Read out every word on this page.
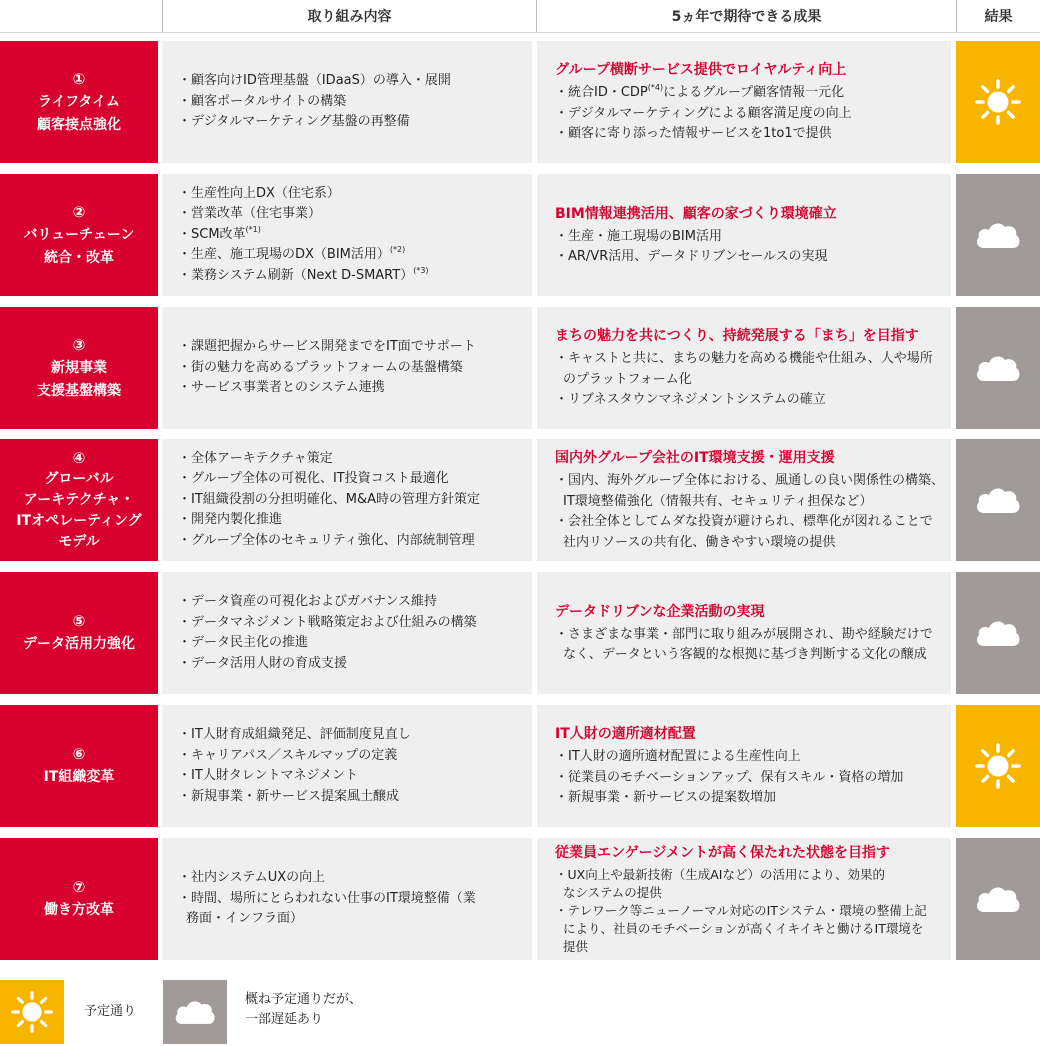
取り組み内容	5ヵ年で期待できる成果	結果
①
ライフタイム
顧客接点強化
・顧客向けID管理基盤（IDaaS）の導入・展開
・顧客ポータルサイトの構築
・デジタルマーケティング基盤の再整備
グループ横断サービス提供でロイヤルティ向上
・統合ID・$CDP^{(*4)}$によるグループ顧客情報一元化
・デジタルマーケティングによる顧客満足度の向上
・顧客に寄り添った情報サービスを1to1で提供
②
バリューチェーン
統合・改革
・生産性向上DX（住宅系）
・営業改革（住宅事業）
・SCM改革$^{(*1)}$
・生産、施工現場のDX（BIM活用）$^{(*2)}$
・業務システム刷新（Next D-SMART）$^{(*3)}$
BIM情報連携活用、顧客の家づくり環境確立
・生産・施工現場のBIM活用
・AR/VR活用、データドリブンセールスの実現
③
新規事業
支援基盤構築
・課題把握からサービス開発までをIT面でサポート
・街の魅力を高めるプラットフォームの基盤構築
・サービス事業者とのシステム連携
まちの魅力を共につくり、持続発展する「まち」を目指す
・キャストと共に、まちの魅力を高める機能や仕組み、人や場所のプラットフォーム化
・リブネスタウンマネジメントシステムの確立
④
グローバル
アーキテクチャ・
ITオペレーティング
モデル
・全体アーキテクチャ策定
・グループ全体の可視化、IT投資コスト最適化
・IT組織役割の分担明確化、M&A時の管理方針策定
・開発内製化推進
・グループ全体のセキュリティ強化、内部統制管理
国内外グループ会社のIT環境支援・運用支援
・国内、海外グループ全体における、風通しの良い関係性の構築、IT環境整備強化（情報共有、セキュリティ担保など）
・会社全体としてムダな投資が避けられ、標準化が図れることで社内リソースの共有化、働きやすい環境の提供
⑤
データ活用力強化
・データ資産の可視化およびガバナンス維持
・データマネジメント戦略策定および仕組みの構築
・データ民主化の推進
・データ活用人財の育成支援
データドリブンな企業活動の実現
・さまざまな事業・部門に取り組みが展開され、勘や経験だけでなく、データという客観的な根拠に基づき判断する文化の醸成
⑥
IT組織変革
・IT人財育成組織発足、評価制度見直し
・キャリアパス／スキルマップの定義
・IT人財タレントマネジメント
・新規事業・新サービス提案風土醸成
IT人財の適所適材配置
・IT人財の適所適材配置による生産性向上
・従業員のモチベーションアップ、保有スキル・資格の増加
・新規事業・新サービスの提案数増加
⑦
働き方改革
・社内システムUXの向上
・時間、場所にとらわれない仕事のIT環境整備（業務面・インフラ面）
従業員エンゲージメントが高く保たれた状態を目指す
・UX向上や最新技術（生成AIなど）の活用により、効果的なシステムの提供
・テレワーク等ニューノーマル対応のITシステム・環境の整備上記により、社員のモチベーションが高くイキイキと働けるIT環境を提供
予定通り
概ね予定通りだが、
一部遅延あり
